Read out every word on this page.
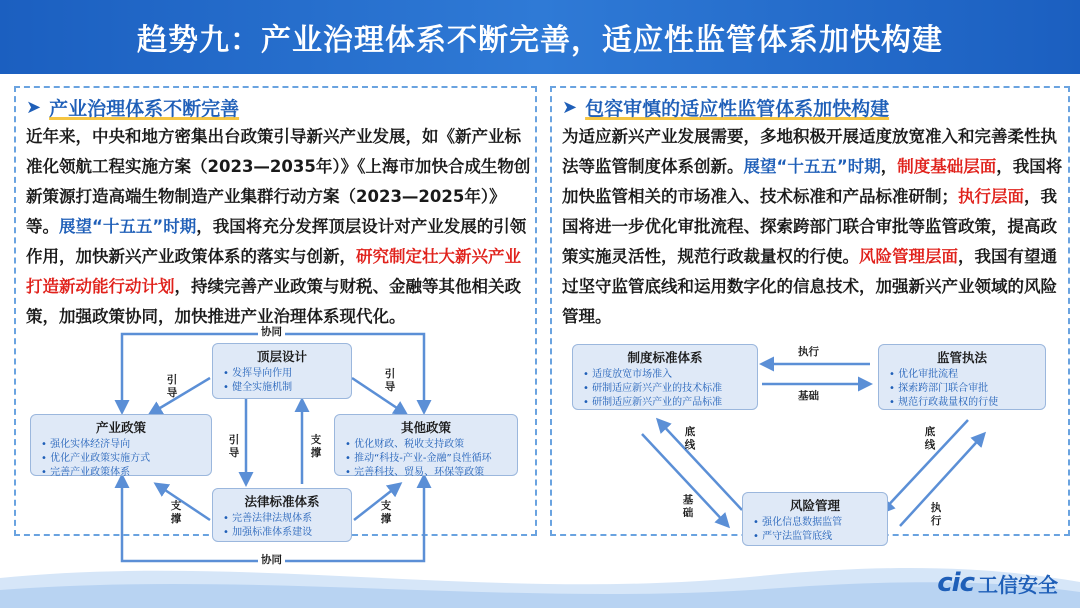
趋势九：产业治理体系不断完善，适应性监管体系加快构建
➤ 产业治理体系不断完善
近年来，中央和地方密集出台政策引导新兴产业发展，如《新产业标准化领航工程实施方案（2023—2035年）》《上海市加快合成生物创新策源打造高端生物制造产业集群行动方案（2023—2025年）》等。展望“十五五”时期，我国将充分发挥顶层设计对产业发展的引领作用，加快新兴产业政策体系的落实与创新，研究制定壮大新兴产业打造新动能行动计划，持续完善产业政策与财税、金融等其他相关政策，加强政策协同，加快推进产业治理体系现代化。
➤ 包容审慎的适应性监管体系加快构建
为适应新兴产业发展需要，多地积极开展适度放宽准入和完善柔性执法等监管制度体系创新。展望“十五五”时期，制度基础层面，我国将加快监管相关的市场准入、技术标准和产品标准研制；执行层面，我国将进一步优化审批流程、探索跨部门联合审批等监管政策，提高政策实施灵活性，规范行政裁量权的行使。风险管理层面，我国有望通过坚守监管底线和运用数字化的信息技术，加强新兴产业领域的风险管理。
顶层设计
• 发挥导向作用
• 健全实施机制
产业政策
• 强化实体经济导向
• 优化产业政策实施方式
• 完善产业政策体系
其他政策
• 优化财政、税收支持政策
• 推动“科技-产业-金融”良性循环
• 完善科技、贸易、环保等政策
法律标准体系
• 完善法律法规体系
• 加强标准体系建设
协同
协同
引
导
引
导
引
导
支
撑
支
撑
支
撑
制度标准体系
• 适度放宽市场准入
• 研制适应新兴产业的技术标准
• 研制适应新兴产业的产品标准
监管执法
• 优化审批流程
• 探索跨部门联合审批
• 规范行政裁量权的行使
风险管理
• 强化信息数据监管
• 严守法监管底线
执行
基础
底
线
基
础
底
线
执
行
cic 工信安全
